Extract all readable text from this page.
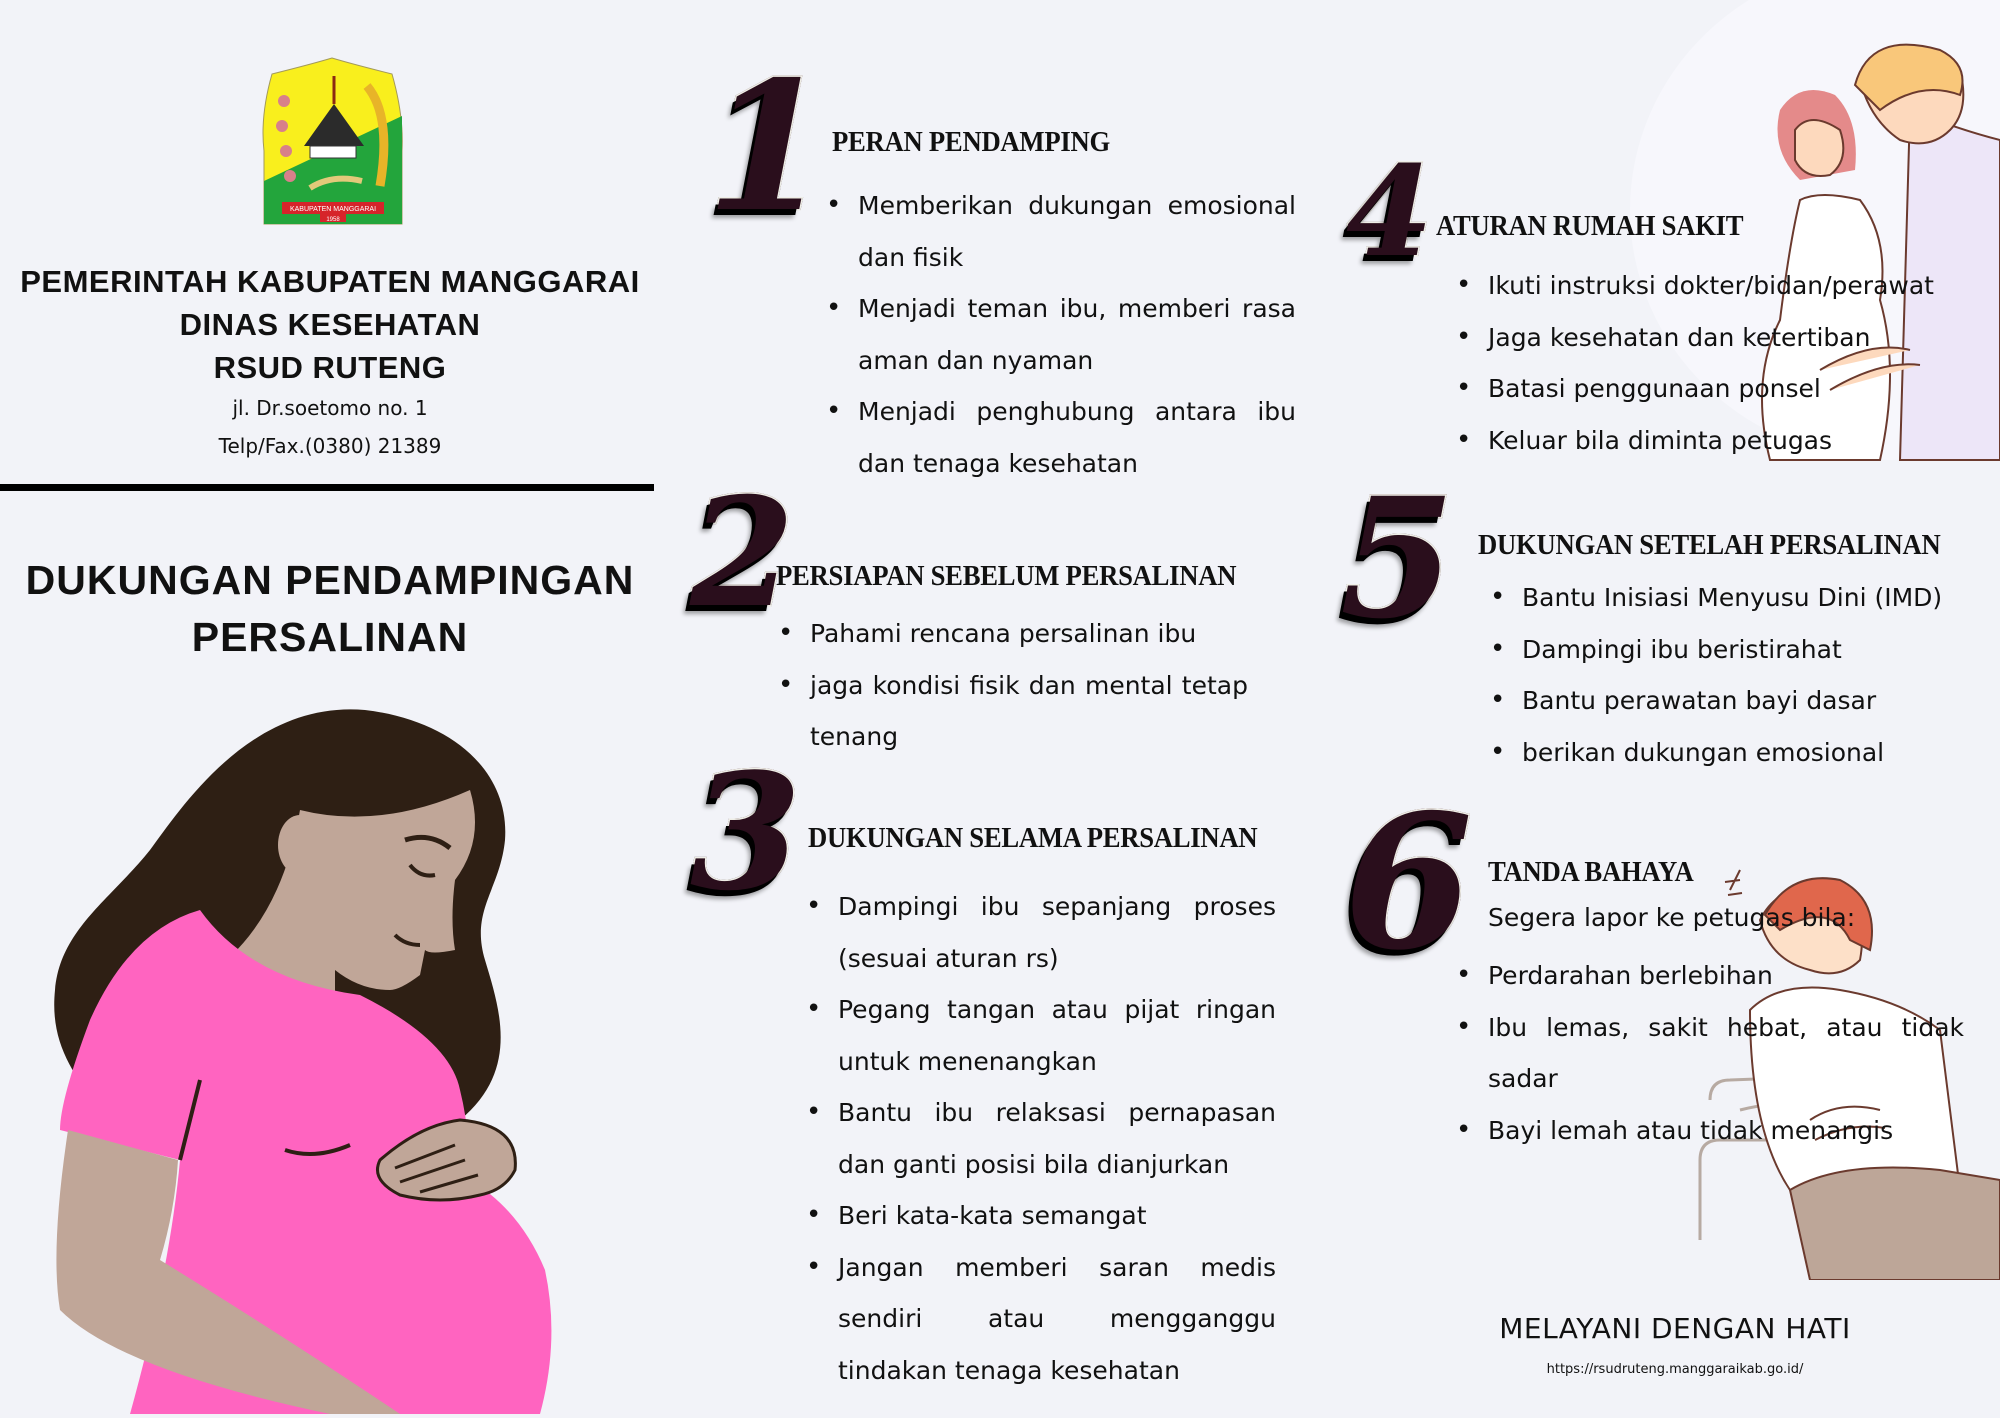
KABUPATEN MANGGARAI
1958
PEMERINTAH KABUPATEN MANGGARAI
DINAS KESEHATAN
RSUD RUTENG
jl. Dr.soetomo no. 1
Telp/Fax.(0380) 21389
DUKUNGAN PENDAMPINGAN
PERSALINAN
1 PERAN PENDAMPING
• Memberikan dukungan emosional dan fisik
• Menjadi teman ibu, memberi rasa aman dan nyaman
• Menjadi penghubung antara ibu dan tenaga kesehatan
2
PERSIAPAN SEBELUM PERSALINAN
• Pahami rencana persalinan ibu
• jaga kondisi fisik dan mental tetap tenang
3 DUKUNGAN SELAMA PERSALINAN
• Dampingi ibu sepanjang proses (sesuai aturan rs)
• Pegang tangan atau pijat ringan untuk menenangkan
• Bantu ibu relaksasi pernapasan dan ganti posisi bila dianjurkan
• Beri kata-kata semangat
• Jangan memberi saran medis sendiri atau mengganggu tindakan tenaga kesehatan
4 ATURAN RUMAH SAKIT
• Ikuti instruksi dokter/bidan/perawat
• Jaga kesehatan dan ketertiban
• Batasi penggunaan ponsel
• Keluar bila diminta petugas
5 DUKUNGAN SETELAH PERSALINAN
• Bantu Inisiasi Menyusu Dini (IMD)
• Dampingi ibu beristirahat
• Bantu perawatan bayi dasar
• berikan dukungan emosional
6 TANDA BAHAYA
Segera lapor ke petugas bila:
• Perdarahan berlebihan
• Ibu lemas, sakit hebat, atau tidak sadar
• Bayi lemah atau tidak menangis
MELAYANI DENGAN HATI
https://rsudruteng.manggaraikab.go.id/
